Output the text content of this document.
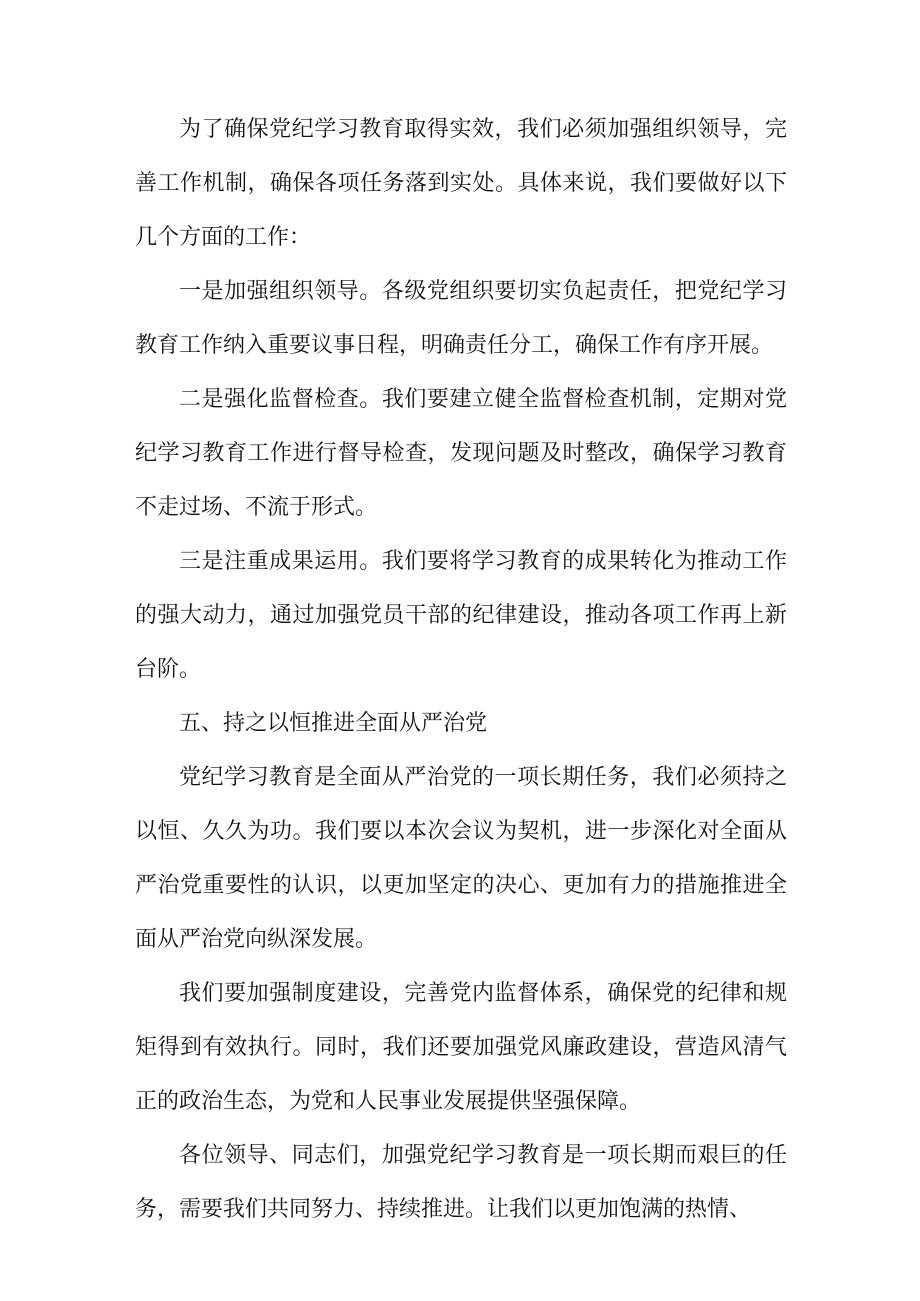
为了确保党纪学习教育取得实效，我们必须加强组织领导，完善工作机制，确保各项任务落到实处。具体来说，我们要做好以下几个方面的工作：

一是加强组织领导。各级党组织要切实负起责任，把党纪学习教育工作纳入重要议事日程，明确责任分工，确保工作有序开展。

二是强化监督检查。我们要建立健全监督检查机制，定期对党纪学习教育工作进行督导检查，发现问题及时整改，确保学习教育不走过场、不流于形式。

三是注重成果运用。我们要将学习教育的成果转化为推动工作的强大动力，通过加强党员干部的纪律建设，推动各项工作再上新台阶。

五、持之以恒推进全面从严治党

党纪学习教育是全面从严治党的一项长期任务，我们必须持之以恒、久久为功。我们要以本次会议为契机，进一步深化对全面从严治党重要性的认识，以更加坚定的决心、更加有力的措施推进全面从严治党向纵深发展。

我们要加强制度建设，完善党内监督体系，确保党的纪律和规矩得到有效执行。同时，我们还要加强党风廉政建设，营造风清气正的政治生态，为党和人民事业发展提供坚强保障。

各位领导、同志们，加强党纪学习教育是一项长期而艰巨的任务，需要我们共同努力、持续推进。让我们以更加饱满的热情、
